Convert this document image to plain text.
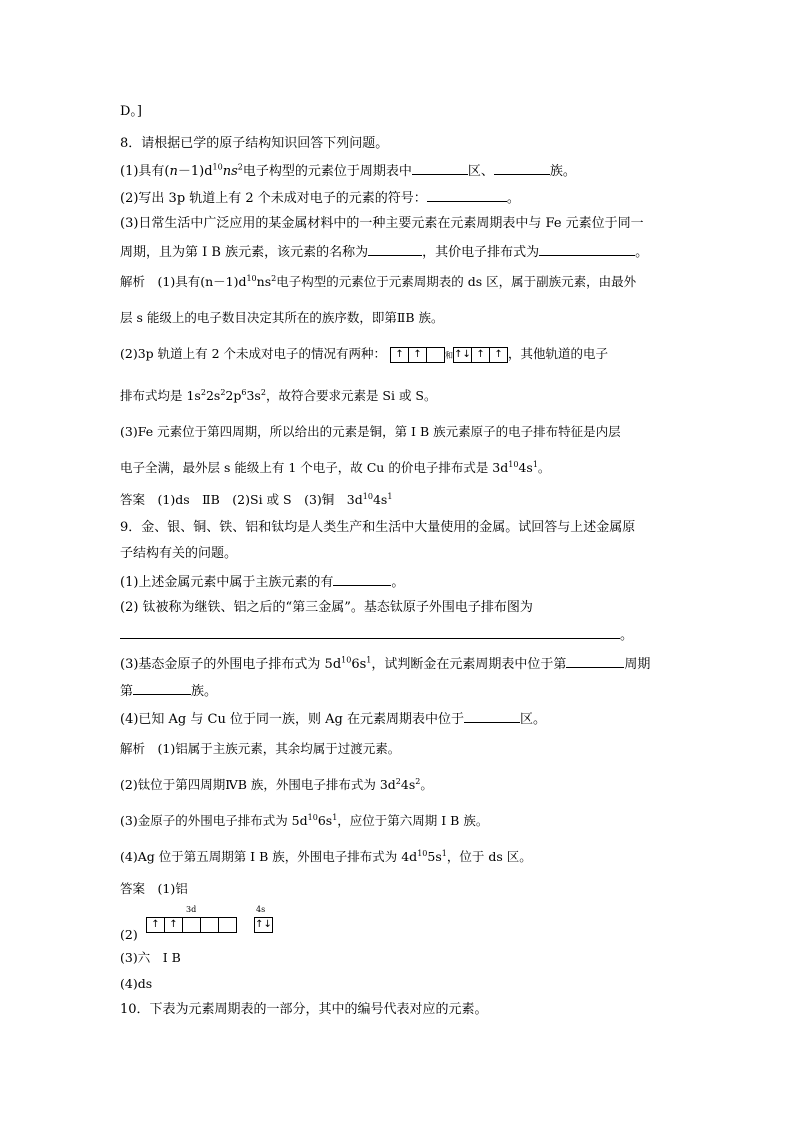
D。]
8．请根据已学的原子结构知识回答下列问题。
(1)具有$(n-1)d^{10}ns^2$电子构型的元素位于周期表中	区、	族。
(2)写出 3p 轨道上有 2 个未成对电子的元素的符号：	。
(3)日常生活中广泛应用的某金属材料中的一种主要元素在元素周期表中与 Fe 元素位于同一
周期，且为第 Ⅰ B 族元素，该元素的名称为	，其价电子排布式为	。
解析　(1)具有$(n-1)d^{10}ns^2$电子构型的元素位于元素周期表的 ds 区，属于副族元素，由最外
层 s 能级上的电子数目决定其所在的族序数，即第ⅡB 族。
(2)3p 轨道上有 2 个未成对电子的情况有两种： ↑	↑		和 ↑↓	↑	↑ ，其他轨道的电子
排布式均是 $1s^22s^22p^63s^2$，故符合要求元素是 Si 或 S。
(3)Fe 元素位于第四周期，所以给出的元素是铜，第 Ⅰ B 族元素原子的电子排布特征是内层
电子全满，最外层 s 能级上有 1 个电子，故 Cu 的价电子排布式是 $3d^{10}4s^1$。
答案　(1)ds　ⅡB　(2)Si 或 S　(3)铜　$3d^{10}4s^1$
9．金、银、铜、铁、铝和钛均是人类生产和生活中大量使用的金属。试回答与上述金属原
子结构有关的问题。
(1)上述金属元素中属于主族元素的有	。
(2) 钛被称为继铁、铝之后的“第三金属”。基态钛原子外围电子排布图为
。
(3)基态金原子的外围电子排布式为 $5d^{10}6s^1$，试判断金在元素周期表中位于第	周期
第	族。
(4)已知 Ag 与 Cu 位于同一族，则 Ag 在元素周期表中位于	区。
解析　(1)铝属于主族元素，其余均属于过渡元素。
(2)钛位于第四周期ⅣB 族，外围电子排布式为 $3d^24s^2$。
(3)金原子的外围电子排布式为 $5d^{10}6s^1$，应位于第六周期 Ⅰ B 族。
(4)Ag 位于第五周期第 Ⅰ B 族，外围电子排布式为 $4d^{10}5s^1$，位于 ds 区。
答案　(1)铝
(2)
3d	4s
↑	↑				↑↓
(3)六　Ⅰ B
(4)ds
10．下表为元素周期表的一部分，其中的编号代表对应的元素。
